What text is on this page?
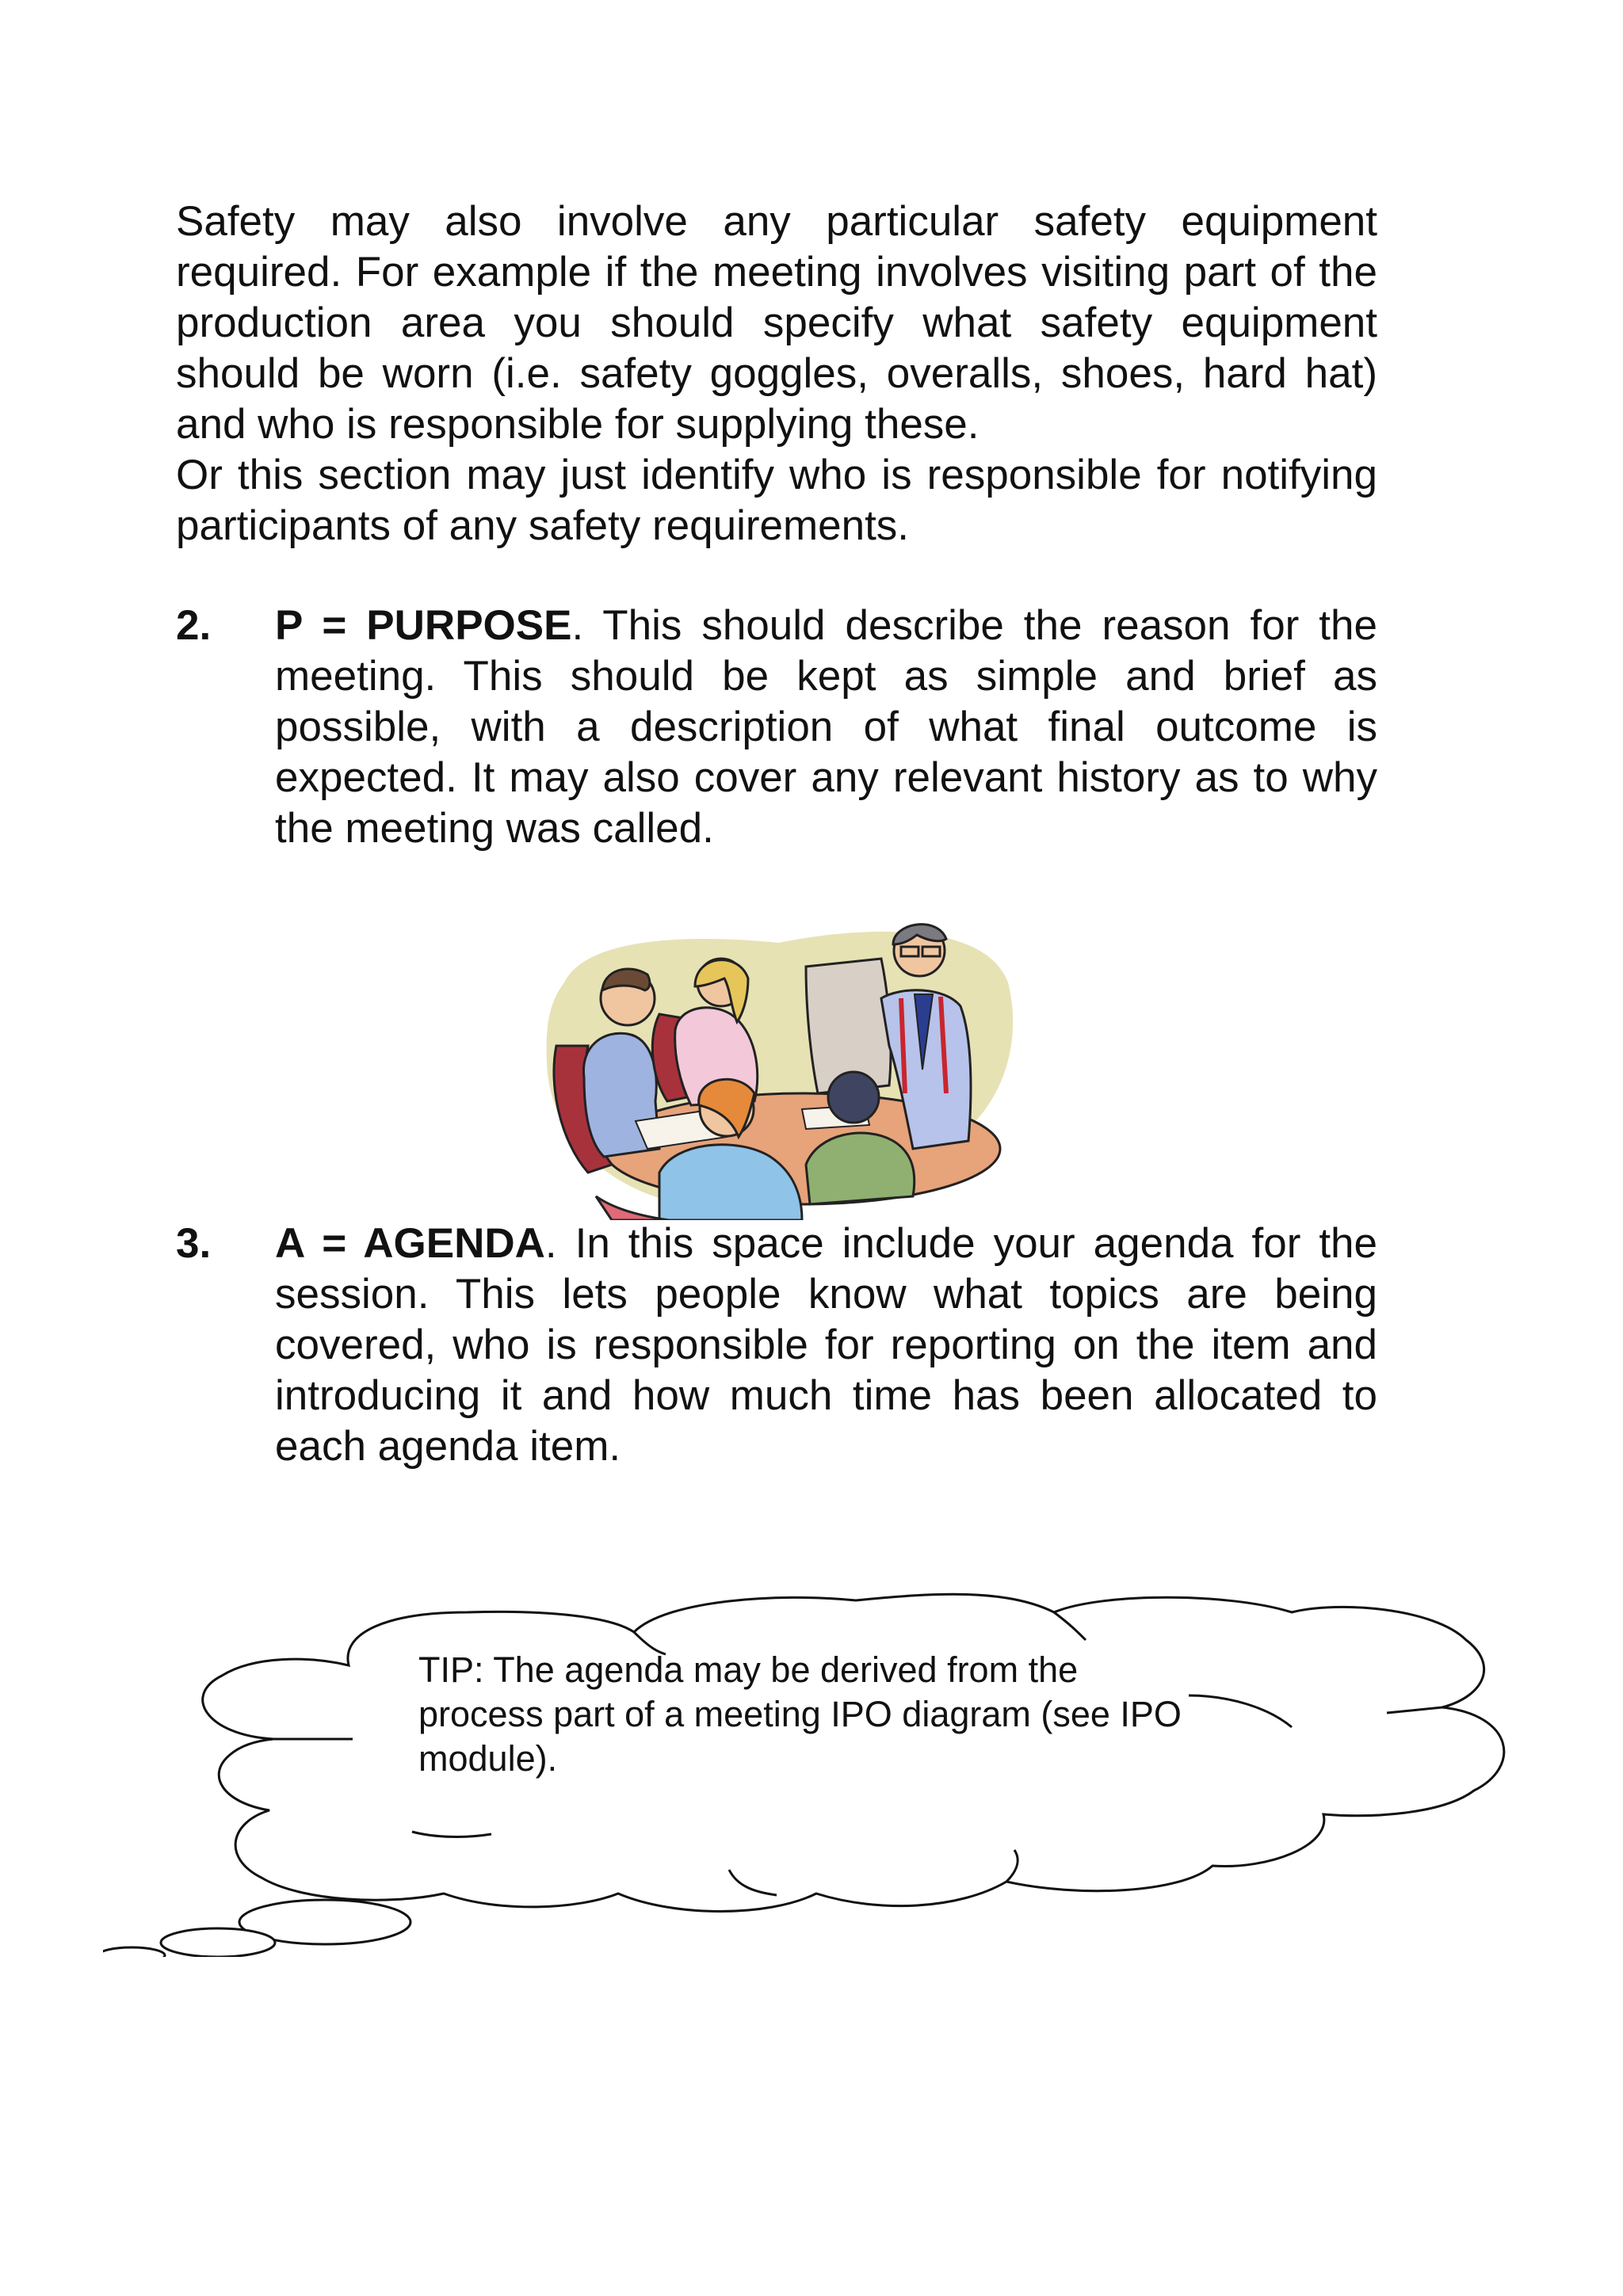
Safety may also involve any particular safety equipment required. For example if the meeting involves visiting part of the production area you should specify what safety equipment should be worn (i.e. safety goggles, overalls, shoes, hard hat) and who is responsible for supplying these.

Or this section may just identify who is responsible for notifying participants of any safety requirements.

2. P = PURPOSE. This should describe the reason for the meeting. This should be kept as simple and brief as possible, with a description of what final outcome is expected. It may also cover any relevant history as to why the meeting was called.
3. A = AGENDA. In this space include your agenda for the session. This lets people know what topics are being covered, who is responsible for reporting on the item and introducing it and how much time has been allocated to each agenda item.

TIP: The agenda may be derived from the process part of a meeting IPO diagram (see IPO module).
